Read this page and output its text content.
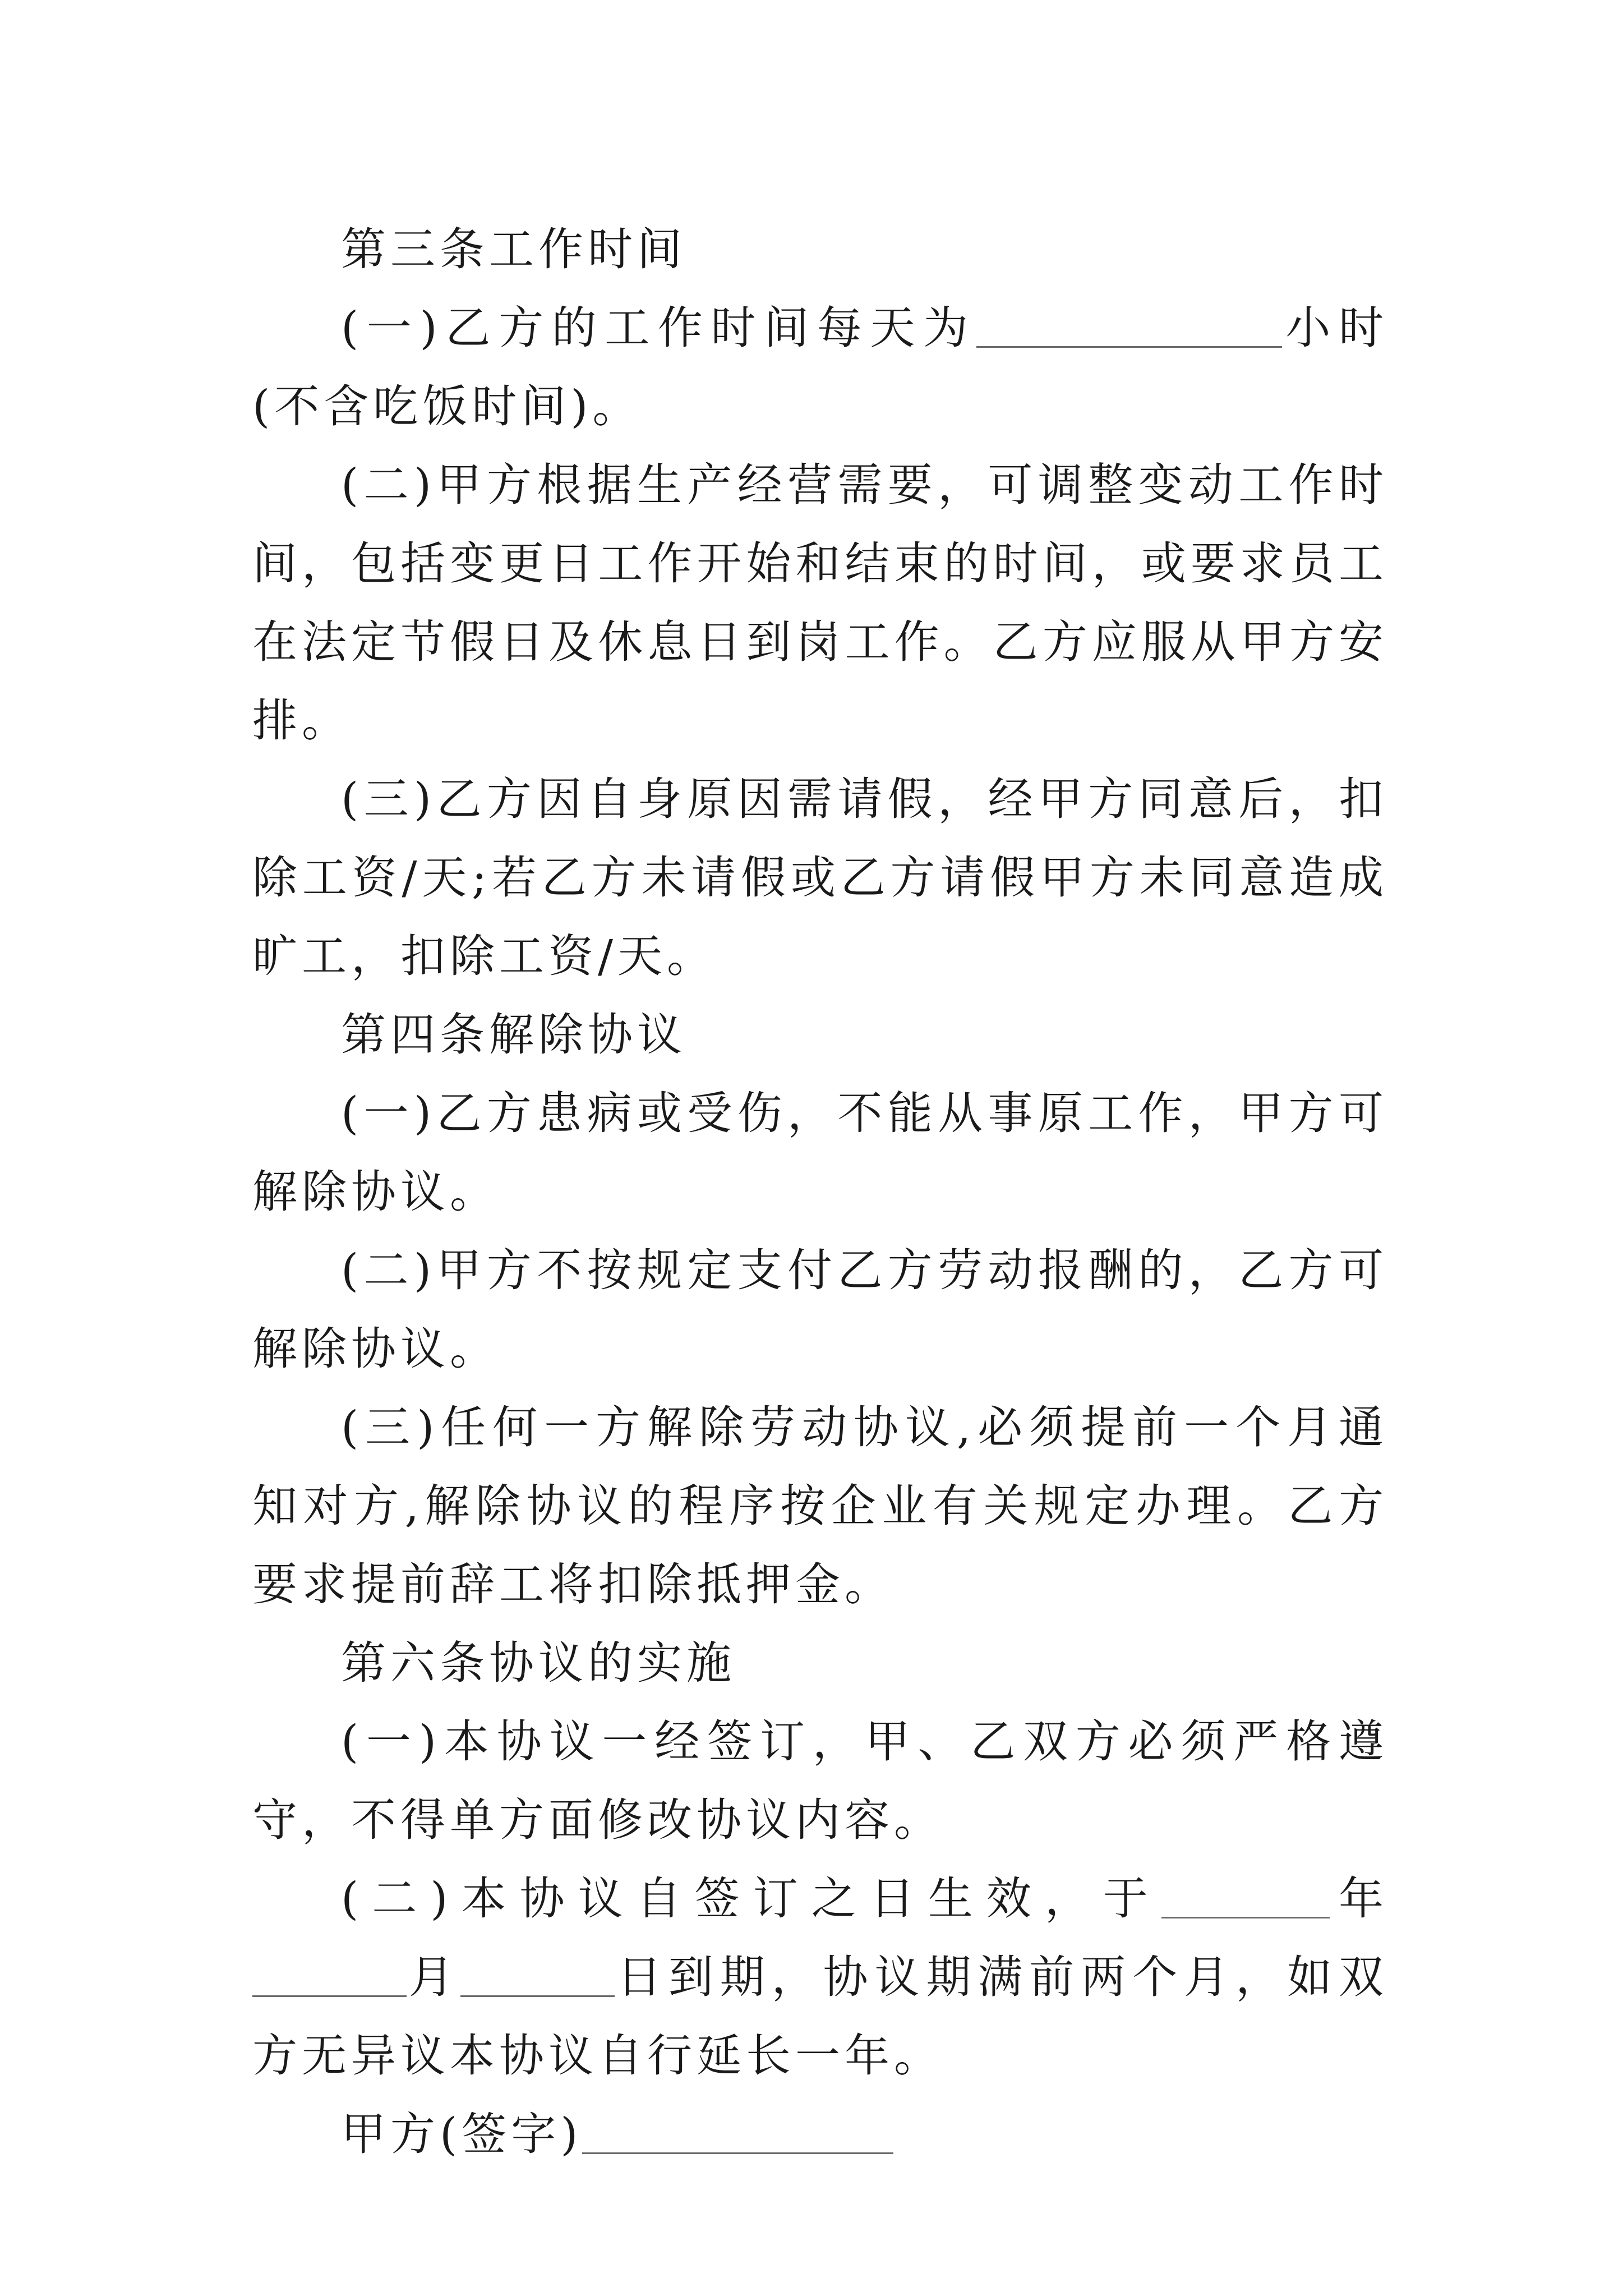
第三条工作时间

(一)乙方的工作时间每天为	小时(不含吃饭时间)。

(二)甲方根据生产经营需要，可调整变动工作时间，包括变更日工作开始和结束的时间，或要求员工在法定节假日及休息日到岗工作。乙方应服从甲方安排。

(三)乙方因自身原因需请假，经甲方同意后，扣除工资/天;若乙方未请假或乙方请假甲方未同意造成旷工，扣除工资/天。

第四条解除协议

(一)乙方患病或受伤，不能从事原工作，甲方可解除协议。

(二)甲方不按规定支付乙方劳动报酬的，乙方可解除协议。

(三)任何一方解除劳动协议,必须提前一个月通知对方,解除协议的程序按企业有关规定办理。乙方要求提前辞工将扣除抵押金。

第六条协议的实施

(一)本协议一经签订，甲、乙双方必须严格遵守，不得单方面修改协议内容。

(二)本协议自签订之日生效，于	年月	日到期，协议期满前两个月，如双方无异议本协议自行延长一年。

甲方(签字)
